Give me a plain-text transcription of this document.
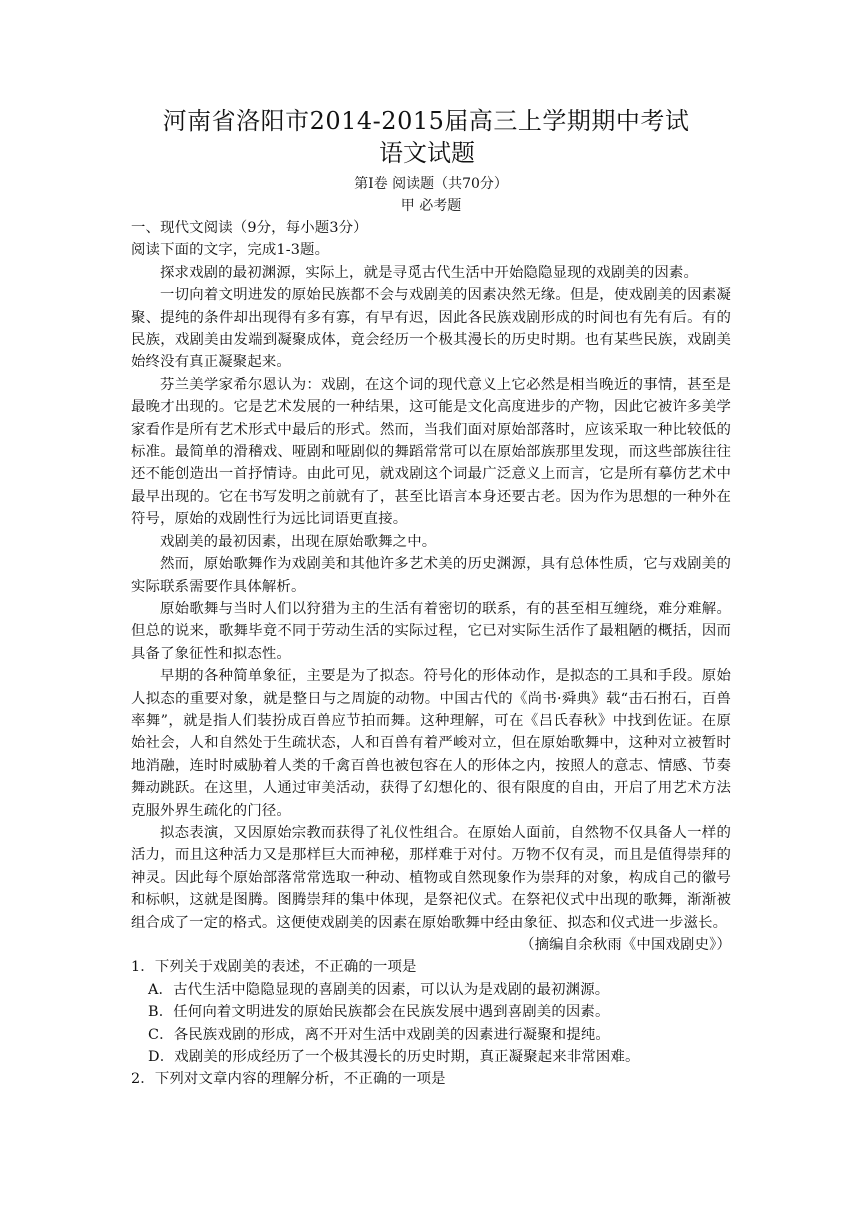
河南省洛阳市2014-2015届高三上学期期中考试
语文试题
第Ⅰ卷 阅读题（共70分）
甲 必考题

一、现代文阅读（9分，每小题3分）

阅读下面的文字，完成1-3题。

探求戏剧的最初渊源，实际上，就是寻觅古代生活中开始隐隐显现的戏剧美的因素。

一切向着文明进发的原始民族都不会与戏剧美的因素决然无缘。但是，使戏剧美的因素凝聚、提纯的条件却出现得有多有寡，有早有迟，因此各民族戏剧形成的时间也有先有后。有的民族，戏剧美由发端到凝聚成体，竟会经历一个极其漫长的历史时期。也有某些民族，戏剧美始终没有真正凝聚起来。

芬兰美学家希尔恩认为：戏剧，在这个词的现代意义上它必然是相当晚近的事情，甚至是最晚才出现的。它是艺术发展的一种结果，这可能是文化高度进步的产物，因此它被许多美学家看作是所有艺术形式中最后的形式。然而，当我们面对原始部落时，应该采取一种比较低的标准。最简单的滑稽戏、哑剧和哑剧似的舞蹈常常可以在原始部族那里发现，而这些部族往往还不能创造出一首抒情诗。由此可见，就戏剧这个词最广泛意义上而言，它是所有摹仿艺术中最早出现的。它在书写发明之前就有了，甚至比语言本身还要古老。因为作为思想的一种外在符号，原始的戏剧性行为远比词语更直接。

戏剧美的最初因素，出现在原始歌舞之中。

然而，原始歌舞作为戏剧美和其他许多艺术美的历史渊源，具有总体性质，它与戏剧美的实际联系需要作具体解析。

原始歌舞与当时人们以狩猎为主的生活有着密切的联系，有的甚至相互缠绕，难分难解。但总的说来，歌舞毕竟不同于劳动生活的实际过程，它已对实际生活作了最粗陋的概括，因而具备了象征性和拟态性。

早期的各种简单象征，主要是为了拟态。符号化的形体动作，是拟态的工具和手段。原始人拟态的重要对象，就是整日与之周旋的动物。中国古代的《尚书·舜典》载“击石拊石，百兽率舞”，就是指人们装扮成百兽应节拍而舞。这种理解，可在《吕氏春秋》中找到佐证。在原始社会，人和自然处于生疏状态，人和百兽有着严峻对立，但在原始歌舞中，这种对立被暂时地消融，连时时威胁着人类的千禽百兽也被包容在人的形体之内，按照人的意志、情感、节奏舞动跳跃。在这里，人通过审美活动，获得了幻想化的、很有限度的自由，开启了用艺术方法克服外界生疏化的门径。

拟态表演，又因原始宗教而获得了礼仪性组合。在原始人面前，自然物不仅具备人一样的活力，而且这种活力又是那样巨大而神秘，那样难于对付。万物不仅有灵，而且是值得崇拜的神灵。因此每个原始部落常常选取一种动、植物或自然现象作为崇拜的对象，构成自己的徽号和标帜，这就是图腾。图腾崇拜的集中体现，是祭祀仪式。在祭祀仪式中出现的歌舞，渐渐被组合成了一定的格式。这便使戏剧美的因素在原始歌舞中经由象征、拟态和仪式进一步滋长。

（摘编自余秋雨《中国戏剧史》）

1．下列关于戏剧美的表述，不正确的一项是

A．古代生活中隐隐显现的喜剧美的因素，可以认为是戏剧的最初渊源。

B．任何向着文明进发的原始民族都会在民族发展中遇到喜剧美的因素。

C．各民族戏剧的形成，离不开对生活中戏剧美的因素进行凝聚和提纯。

D．戏剧美的形成经历了一个极其漫长的历史时期，真正凝聚起来非常困难。

2．下列对文章内容的理解分析，不正确的一项是
